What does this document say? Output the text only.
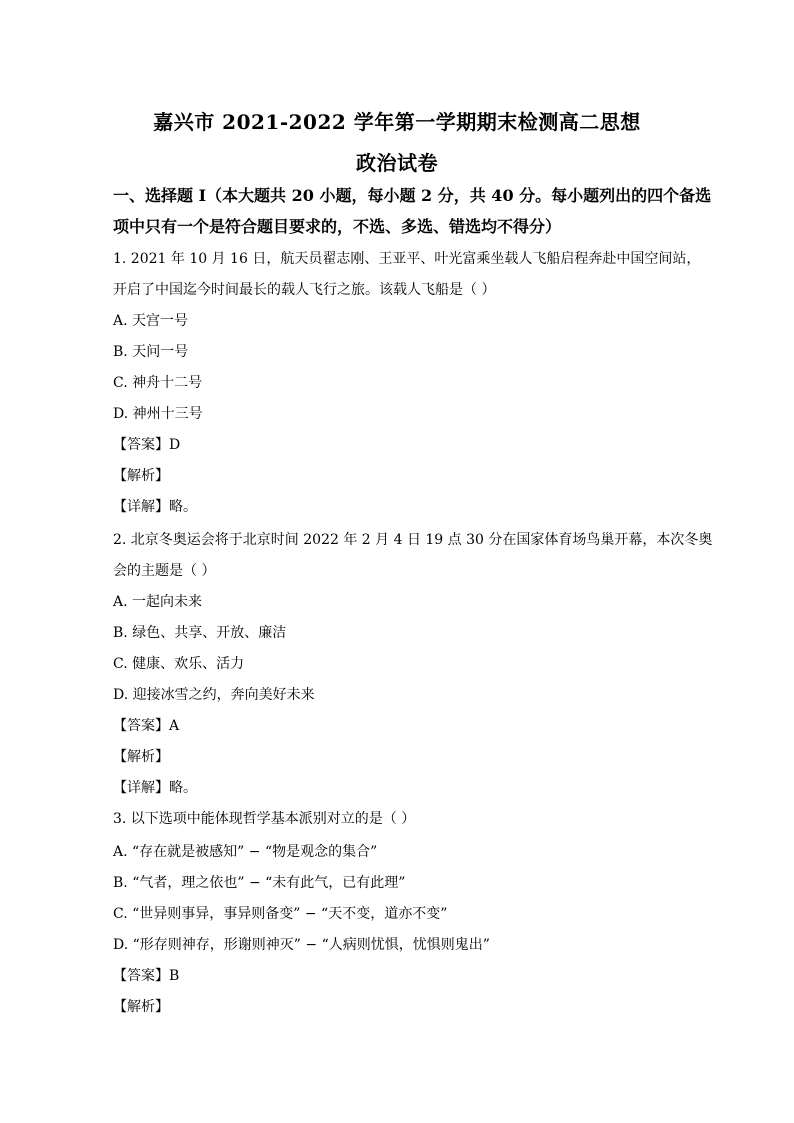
嘉兴市 2021-2022 学年第一学期期末检测高二思想
政治试卷
一、选择题 I（本大题共 20 小题，每小题 2 分，共 40 分。每小题列出的四个备选
项中只有一个是符合题目要求的，不选、多选、错选均不得分）
1. 2021 年 10 月 16 日，航天员翟志刚、王亚平、叶光富乘坐载人飞船启程奔赴中国空间站，
开启了中国迄今时间最长的载人飞行之旅。该载人飞船是（ ）
A. 天宫一号
B. 天问一号
C. 神舟十二号
D. 神州十三号
【答案】D
【解析】
【详解】略。
2. 北京冬奥运会将于北京时间 2022 年 2 月 4 日 19 点 30 分在国家体育场鸟巢开幕，本次冬奥
会的主题是（ ）
A. 一起向未来
B. 绿色、共享、开放、廉洁
C. 健康、欢乐、活力
D. 迎接冰雪之约，奔向美好未来
【答案】A
【解析】
【详解】略。
3. 以下选项中能体现哲学基本派别对立的是（ ）
A. “存在就是被感知” − “物是观念的集合”
B. “气者，理之依也” − “未有此气，已有此理”
C. “世异则事异，事异则备变” − “天不变，道亦不变”
D. “形存则神存，形谢则神灭” − “人病则忧惧，忧惧则鬼出”
【答案】B
【解析】
